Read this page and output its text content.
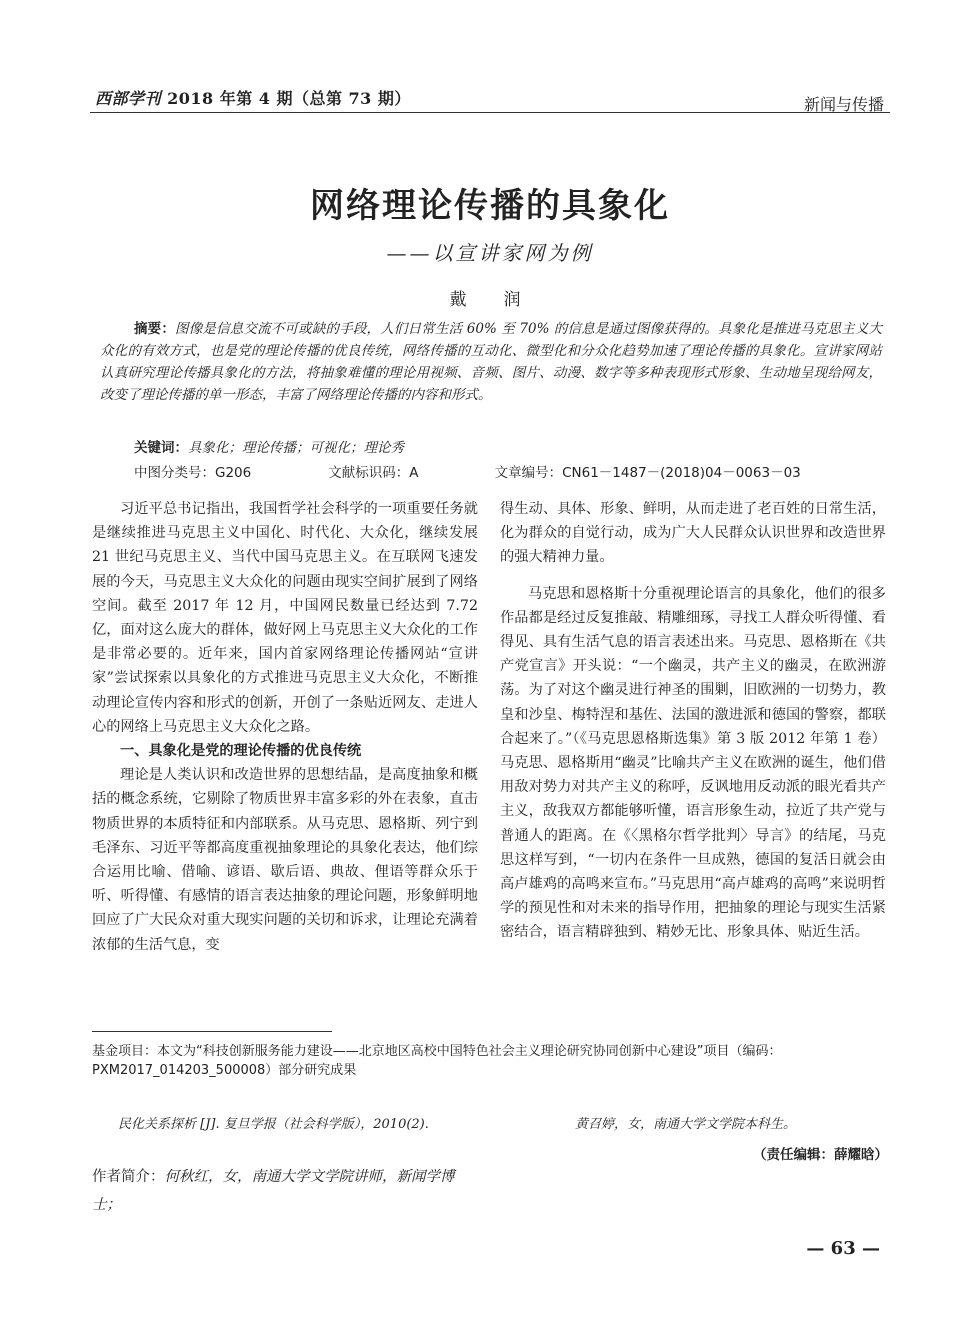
西部学刊 2018 年第 4 期（总第 73 期）	新闻与传播
网络理论传播的具象化
——以宣讲家网为例
戴　润
摘要：图像是信息交流不可或缺的手段，人们日常生活 60% 至 70% 的信息是通过图像获得的。具象化是推进马克思主义大众化的有效方式，也是党的理论传播的优良传统，网络传播的互动化、微型化和分众化趋势加速了理论传播的具象化。宣讲家网站认真研究理论传播具象化的方法，将抽象难懂的理论用视频、音频、图片、动漫、数字等多种表现形式形象、生动地呈现给网友，改变了理论传播的单一形态，丰富了网络理论传播的内容和形式。
关键词：具象化；理论传播；可视化；理论秀
中图分类号：G206	文献标识码：A	文章编号：CN61－1487－(2018)04－0063－03

习近平总书记指出，我国哲学社会科学的一项重要任务就是继续推进马克思主义中国化、时代化、大众化，继续发展 21 世纪马克思主义、当代中国马克思主义。在互联网飞速发展的今天，马克思主义大众化的问题由现实空间扩展到了网络空间。截至 2017 年 12 月，中国网民数量已经达到 7.72 亿，面对这么庞大的群体，做好网上马克思主义大众化的工作是非常必要的。近年来，国内首家网络理论传播网站“宣讲家”尝试探索以具象化的方式推进马克思主义大众化，不断推动理论宣传内容和形式的创新，开创了一条贴近网友、走进人心的网络上马克思主义大众化之路。

一、具象化是党的理论传播的优良传统

理论是人类认识和改造世界的思想结晶，是高度抽象和概括的概念系统，它剔除了物质世界丰富多彩的外在表象，直击物质世界的本质特征和内部联系。从马克思、恩格斯、列宁到毛泽东、习近平等都高度重视抽象理论的具象化表达，他们综合运用比喻、借喻、谚语、歇后语、典故、俚语等群众乐于听、听得懂、有感情的语言表达抽象的理论问题，形象鲜明地回应了广大民众对重大现实问题的关切和诉求，让理论充满着浓郁的生活气息，变

得生动、具体、形象、鲜明，从而走进了老百姓的日常生活，化为群众的自觉行动，成为广大人民群众认识世界和改造世界的强大精神力量。

马克思和恩格斯十分重视理论语言的具象化，他们的很多作品都是经过反复推敲、精雕细琢，寻找工人群众听得懂、看得见、具有生活气息的语言表述出来。马克思、恩格斯在《共产党宣言》开头说：“一个幽灵，共产主义的幽灵，在欧洲游荡。为了对这个幽灵进行神圣的围剿，旧欧洲的一切势力，教皇和沙皇、梅特涅和基佐、法国的激进派和德国的警察，都联合起来了。”（《马克思恩格斯选集》第 3 版 2012 年第 1 卷）马克思、恩格斯用“幽灵”比喻共产主义在欧洲的诞生，他们借用敌对势力对共产主义的称呼，反讽地用反动派的眼光看共产主义，敌我双方都能够听懂，语言形象生动，拉近了共产党与普通人的距离。在《〈黑格尔哲学批判〉导言》的结尾，马克思这样写到，“一切内在条件一旦成熟，德国的复活日就会由高卢雄鸡的高鸣来宣布。”马克思用“高卢雄鸡的高鸣”来说明哲学的预见性和对未来的指导作用，把抽象的理论与现实生活紧密结合，语言精辟独到、精妙无比、形象具体、贴近生活。

基金项目：本文为“科技创新服务能力建设——北京地区高校中国特色社会主义理论研究协同创新中心建设”项目（编码：PXM2017_014203_500008）部分研究成果
民化关系探析 [J]. 复旦学报（社会科学版），2010(2).	黄召婷，女，南通大学文学院本科生。
（责任编辑：薛耀晗）
作者简介：何秋红，女，南通大学文学院讲师，新闻学博士；
— 63 —
